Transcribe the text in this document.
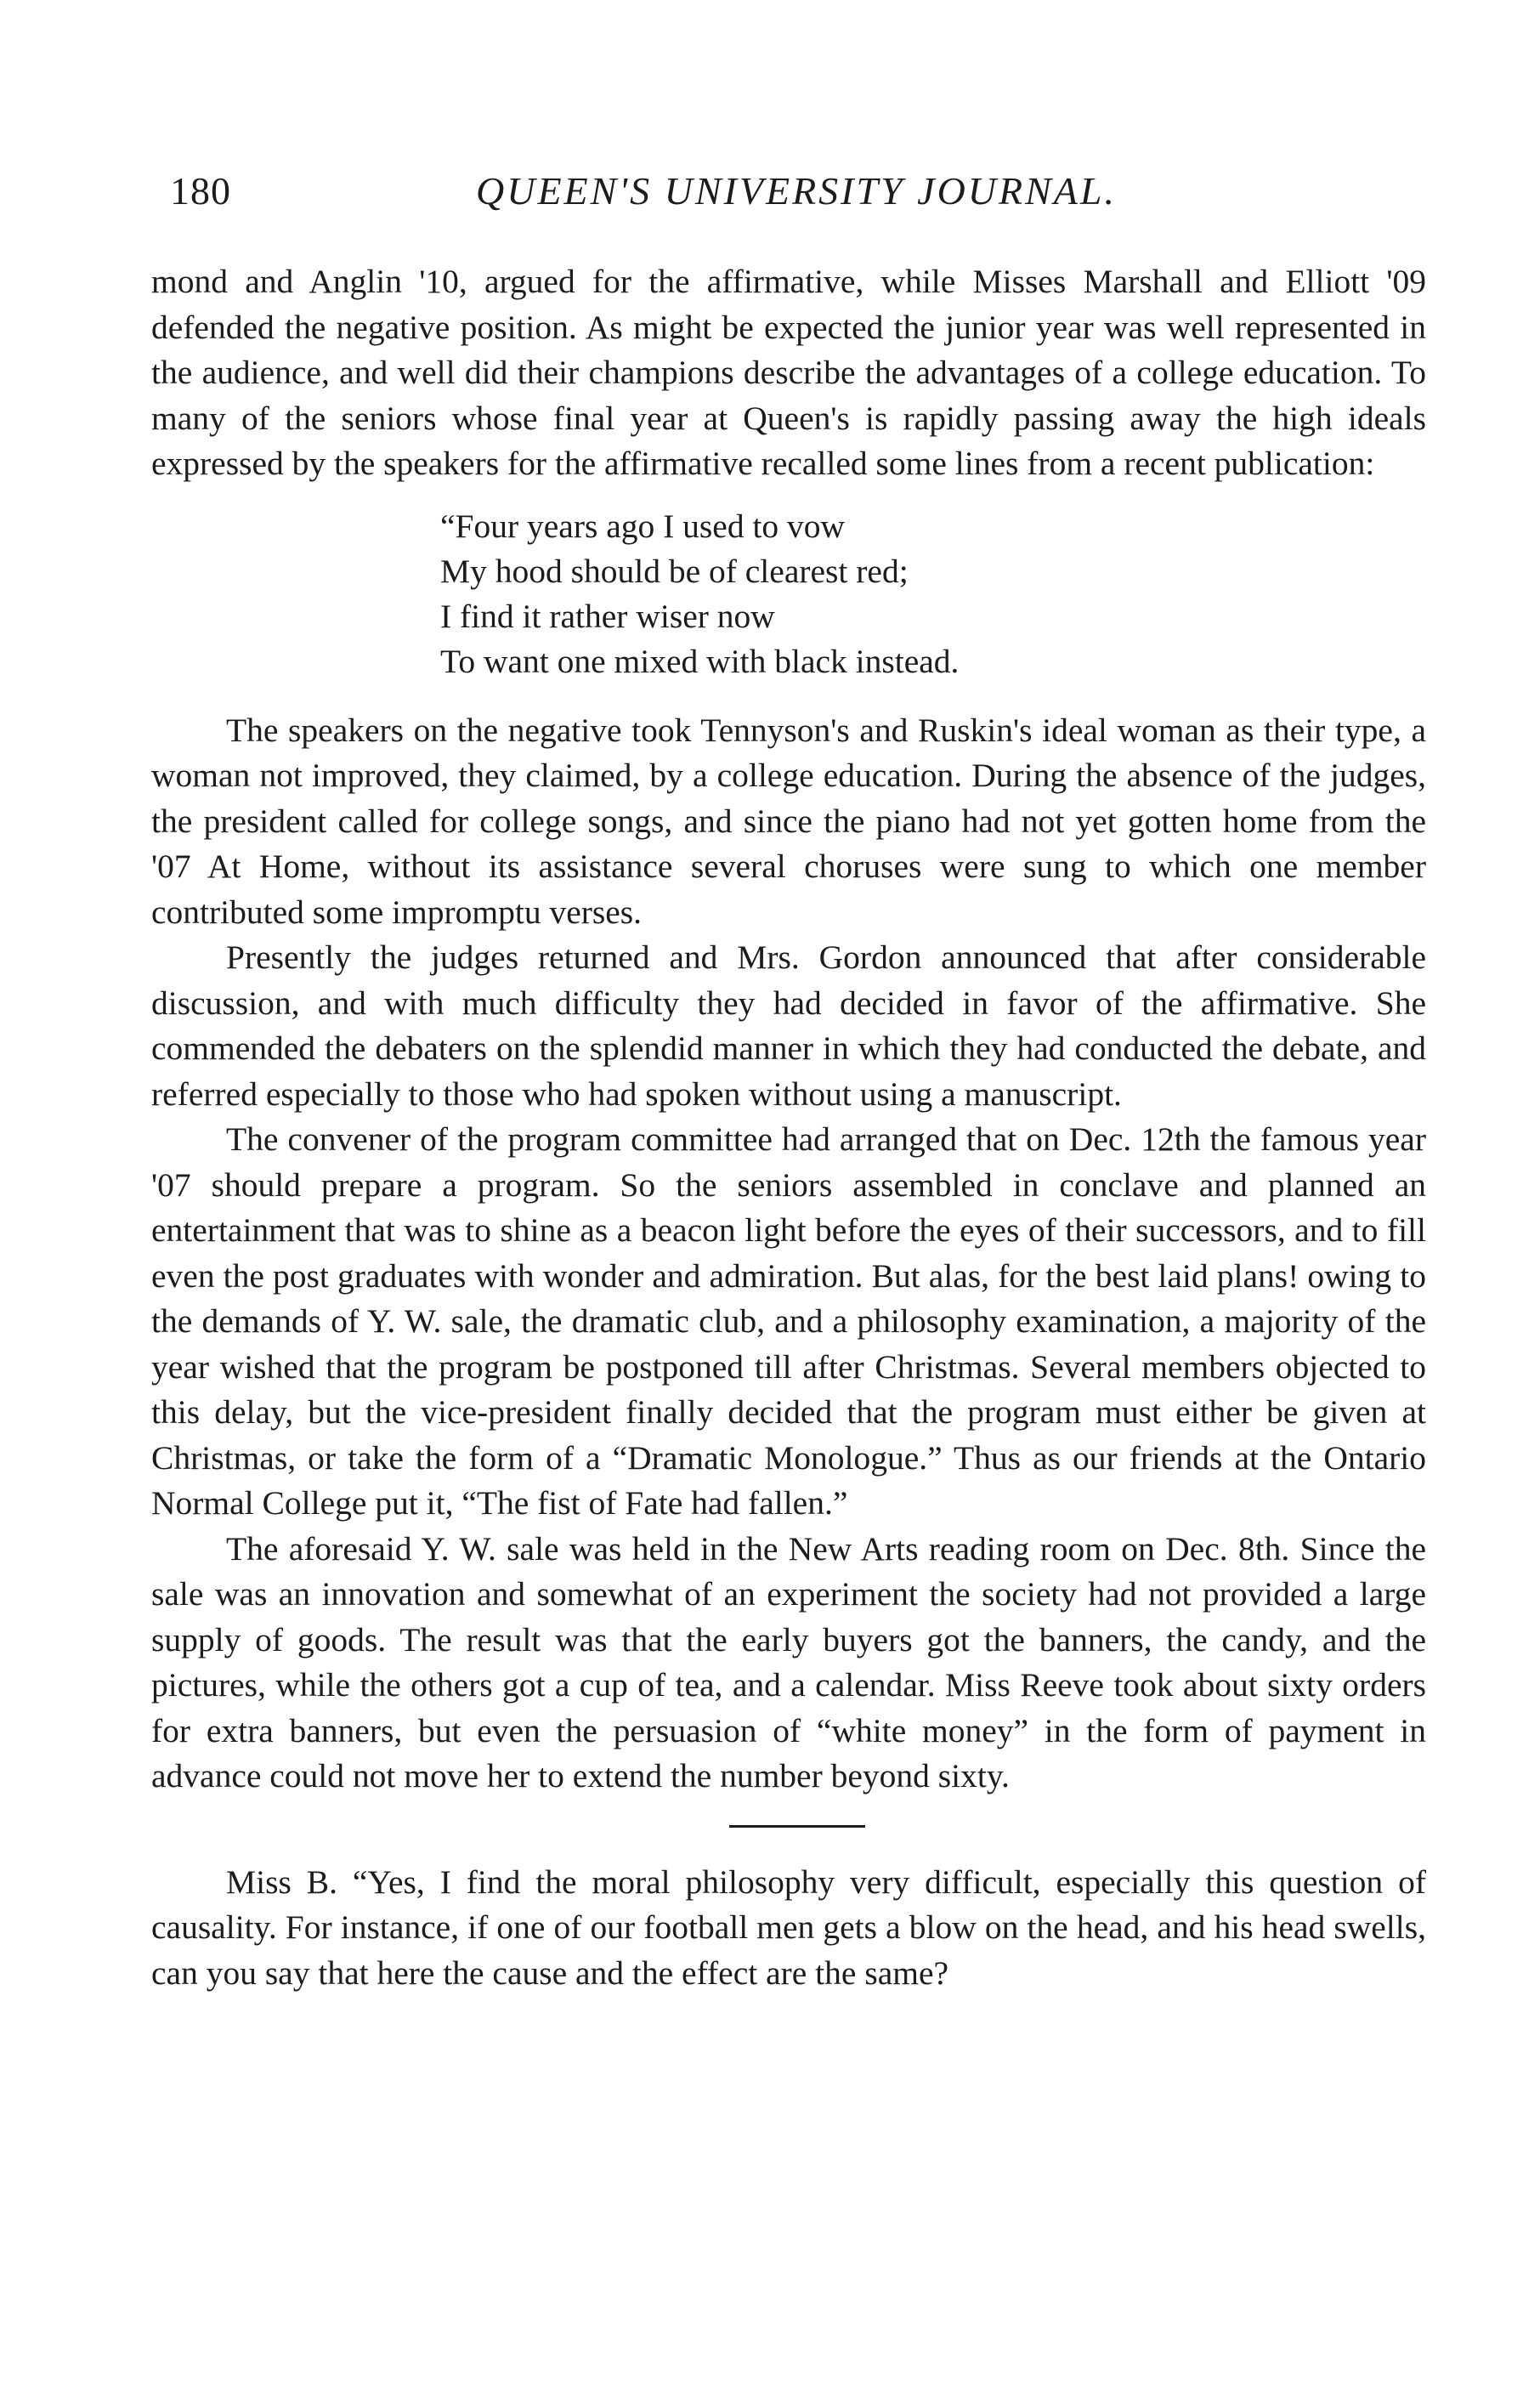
180	QUEEN'S UNIVERSITY JOURNAL.

mond and Anglin '10, argued for the affirmative, while Misses Marshall and Elliott '09 defended the negative position. As might be expected the junior year was well represented in the audience, and well did their champions describe the advantages of a college education. To many of the seniors whose final year at Queen's is rapidly passing away the high ideals expressed by the speakers for the affirmative recalled some lines from a recent publication:

“Four years ago I used to vow
My hood should be of clearest red;
I find it rather wiser now
To want one mixed with black instead.

The speakers on the negative took Tennyson's and Ruskin's ideal woman as their type, a woman not improved, they claimed, by a college education. During the absence of the judges, the president called for college songs, and since the piano had not yet gotten home from the '07 At Home, without its assistance several choruses were sung to which one member contributed some impromptu verses.

Presently the judges returned and Mrs. Gordon announced that after considerable discussion, and with much difficulty they had decided in favor of the affirmative. She commended the debaters on the splendid manner in which they had conducted the debate, and referred especially to those who had spoken without using a manuscript.

The convener of the program committee had arranged that on Dec. 12th the famous year '07 should prepare a program. So the seniors assembled in conclave and planned an entertainment that was to shine as a beacon light before the eyes of their successors, and to fill even the post graduates with wonder and admiration. But alas, for the best laid plans! owing to the demands of Y. W. sale, the dramatic club, and a philosophy examination, a majority of the year wished that the program be postponed till after Christmas. Several members objected to this delay, but the vice-president finally decided that the program must either be given at Christmas, or take the form of a “Dramatic Monologue.” Thus as our friends at the Ontario Normal College put it, “The fist of Fate had fallen.”

The aforesaid Y. W. sale was held in the New Arts reading room on Dec. 8th. Since the sale was an innovation and somewhat of an experiment the society had not provided a large supply of goods. The result was that the early buyers got the banners, the candy, and the pictures, while the others got a cup of tea, and a calendar. Miss Reeve took about sixty orders for extra banners, but even the persuasion of “white money” in the form of payment in advance could not move her to extend the number beyond sixty.

Miss B. “Yes, I find the moral philosophy very difficult, especially this question of causality. For instance, if one of our football men gets a blow on the head, and his head swells, can you say that here the cause and the effect are the same?
